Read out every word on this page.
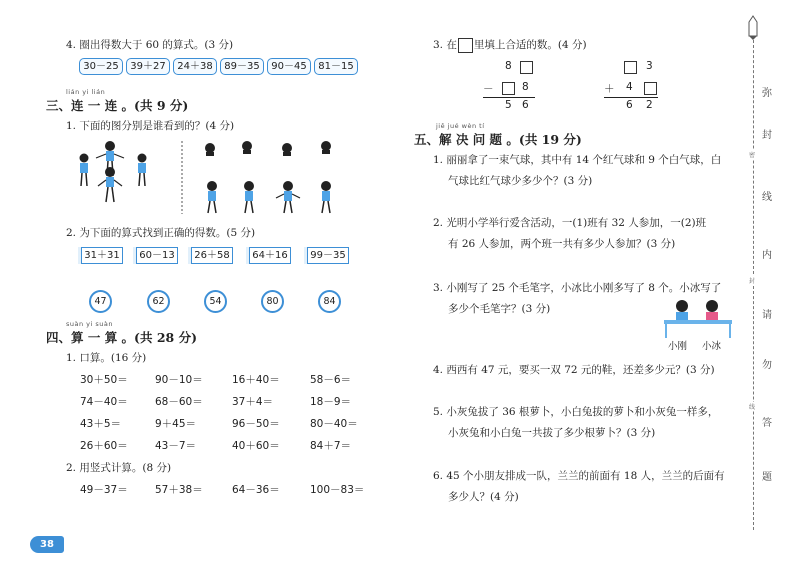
4. 圈出得数大于 60 的算式。(3 分)
30－25	39＋27	24＋38	89－35	90－45	81－15
lián yi lián
三、连 一 连 。(共 9 分)
1. 下面的图分别是谁看到的？(4 分)
2. 为下面的算式找到正确的得数。(5 分)
31＋31	60－13	26＋58	64＋16	99－35
47	62	54	80	84
suàn yi suàn
四、算 一 算 。(共 28 分)
1. 口算。(16 分)
30＋50＝	90－10＝	16＋40＝	58－6＝
74－40＝	68－60＝	37＋4＝	18－9＝
43＋5＝	9＋45＝	96－50＝	80－40＝
26＋60＝	43－7＝	40＋60＝	84＋7＝
2. 用竖式计算。(8 分)
49－37＝	57＋38＝	64－36＝	100－83＝
38
3. 在 里填上合适的数。(4 分)
8
－	8
5 6
3
＋ 4
6 2
jiě jué wèn tí
五、解 决 问 题 。(共 19 分)
1. 丽丽拿了一束气球，其中有 14 个红气球和 9 个白气球，白
气球比红气球少多少个？(3 分)
2. 光明小学举行爱含活动，一(1)班有 32 人参加，一(2)班
有 26 人参加，两个班一共有多少人参加？(3 分)
3. 小刚写了 25 个毛笔字，小冰比小刚多写了 8 个。小冰写了
多少个毛笔字？(3 分)
小刚 小冰
4. 西西有 47 元，要买一双 72 元的鞋，还差多少元？(3 分)
5. 小灰兔拔了 36 根萝卜，小白兔拔的萝卜和小灰兔一样多，
小灰兔和小白兔一共拔了多少根萝卜？(3 分)
6. 45 个小朋友排成一队，兰兰的前面有 18 人，兰兰的后面有
多少人？(4 分)
弥
封
线
内
请
勿
答
题
密
封
线
